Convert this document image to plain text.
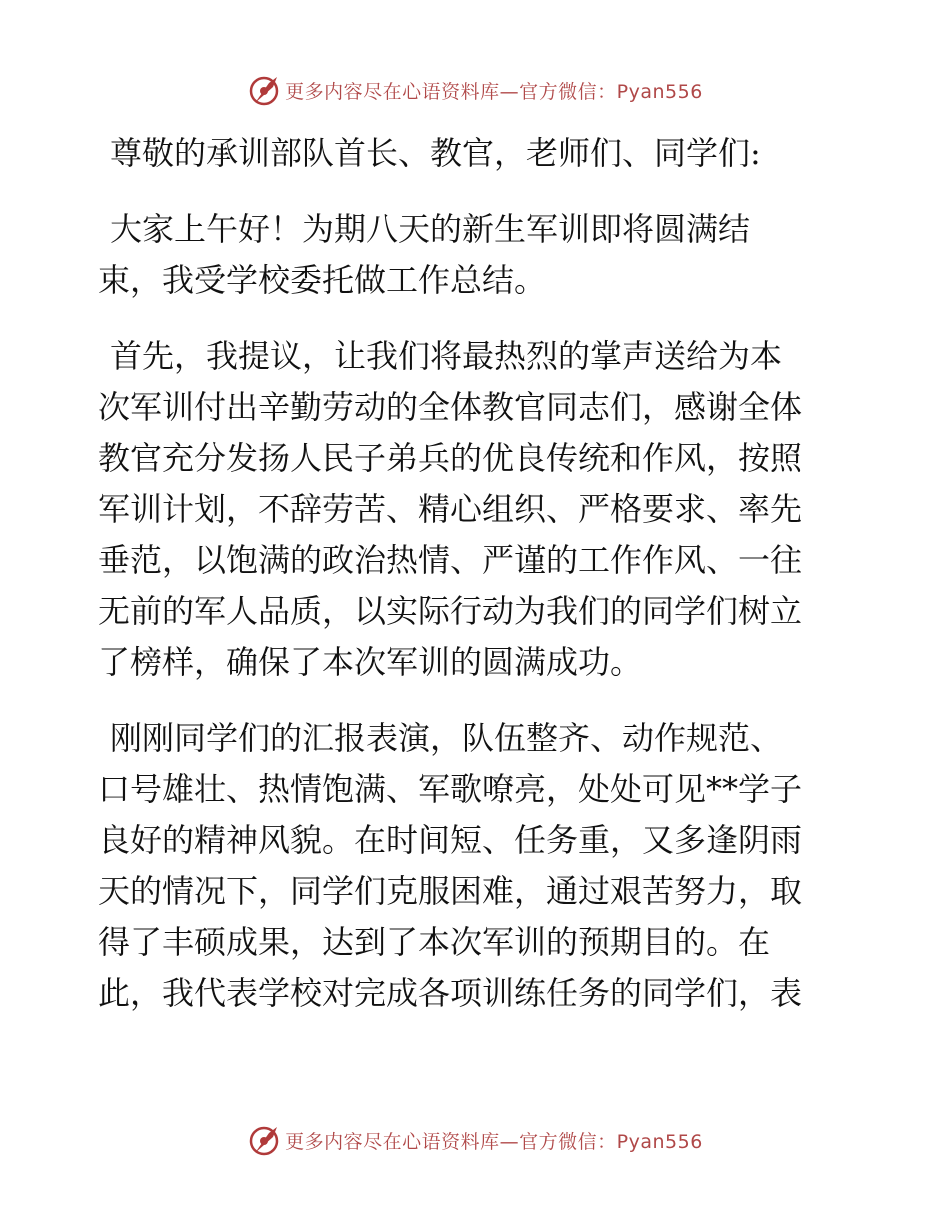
更多内容尽在心语资料库—官方微信：Pyan556
尊敬的承训部队首长、教官，老师们、同学们:
大家上午好！为期八天的新生军训即将圆满结
束，我受学校委托做工作总结。
首先，我提议，让我们将最热烈的掌声送给为本
次军训付出辛勤劳动的全体教官同志们，感谢全体
教官充分发扬人民子弟兵的优良传统和作风，按照
军训计划，不辞劳苦、精心组织、严格要求、率先
垂范，以饱满的政治热情、严谨的工作作风、一往
无前的军人品质，以实际行动为我们的同学们树立
了榜样，确保了本次军训的圆满成功。
刚刚同学们的汇报表演，队伍整齐、动作规范、
口号雄壮、热情饱满、军歌嘹亮，处处可见**学子
良好的精神风貌。在时间短、任务重，又多逢阴雨
天的情况下，同学们克服困难，通过艰苦努力，取
得了丰硕成果，达到了本次军训的预期目的。在
此，我代表学校对完成各项训练任务的同学们，表
更多内容尽在心语资料库—官方微信：Pyan556
